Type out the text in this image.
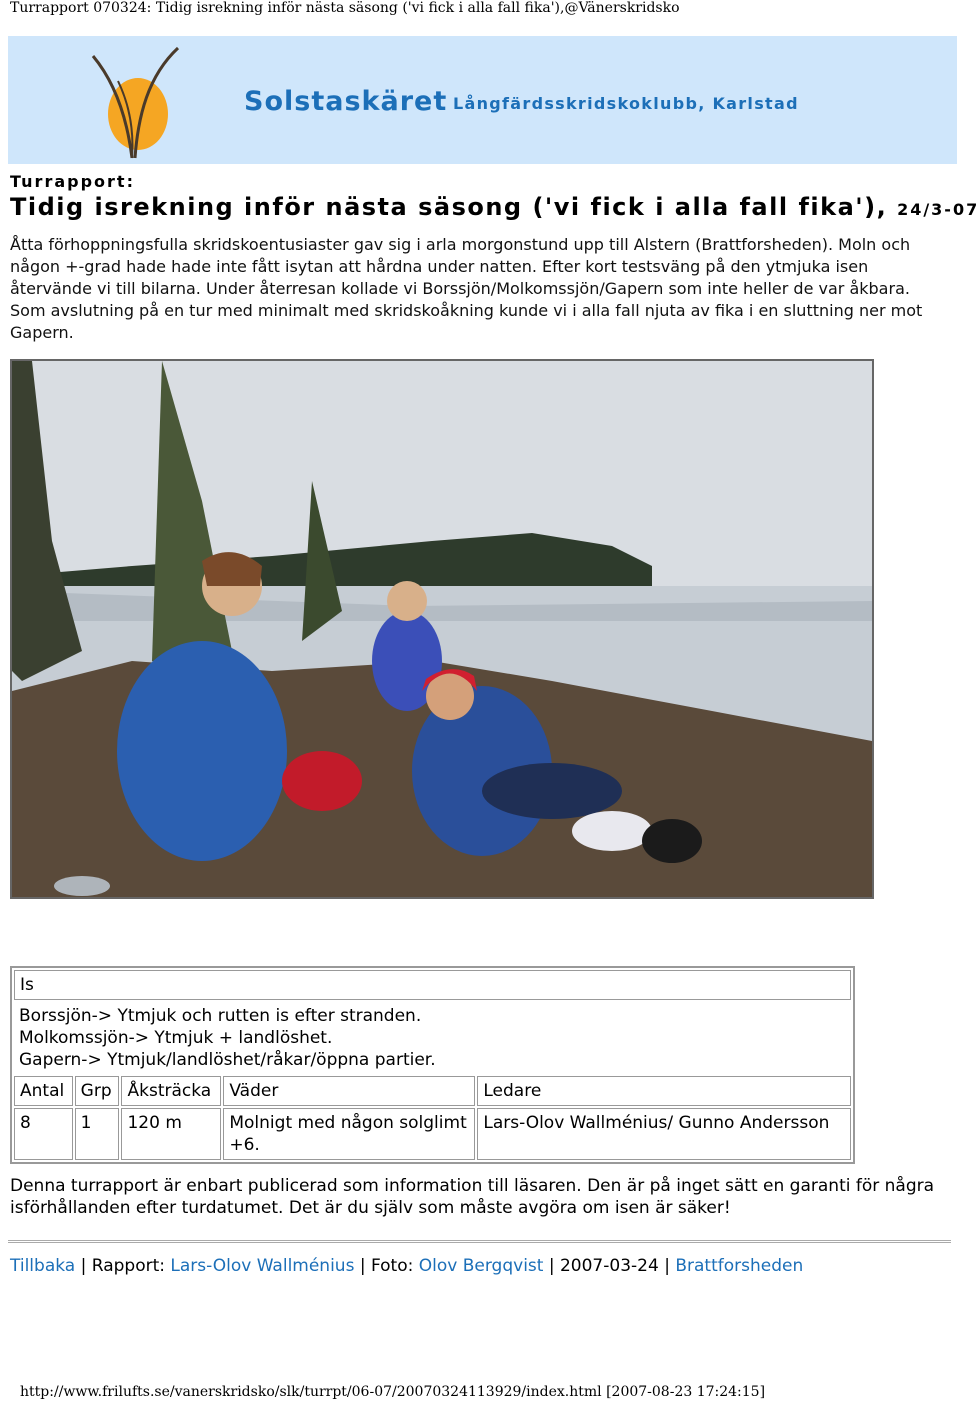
Turrapport 070324: Tidig isrekning inför nästa säsong ('vi fick i alla fall fika'),@Vänerskridsko
Solstaskäret Långfärdsskridskoklubb, Karlstad
Turrapport:
Tidig isrekning inför nästa säsong ('vi fick i alla fall fika'), 24/3-07
Åtta förhoppningsfulla skridskoentusiaster gav sig i arla morgonstund upp till Alstern (Brattforsheden). Moln och någon +-grad hade hade inte fått isytan att hårdna under natten. Efter kort testsväng på den ytmjuka isen återvände vi till bilarna. Under återresan kollade vi Borssjön/Molkomssjön/Gapern som inte heller de var åkbara. Som avslutning på en tur med minimalt med skridskoåkning kunde vi i alla fall njuta av fika i en sluttning ner mot Gapern.
Is				

Borssjön-> Ytmjuk och rutten is efter stranden.
Molkomssjön-> Ytmjuk + landlöshet.
Gapern-> Ytmjuk/landlöshet/råkar/öppna partier.				

Antal	Grp	Åksträcka	Väder	Ledare
8	1	120 m	Molnigt med någon solglimt +6.	Lars-Olov Wallménius/ Gunno Andersson
Denna turrapport är enbart publicerad som information till läsaren. Den är på inget sätt en garanti för några isförhållanden efter turdatumet. Det är du själv som måste avgöra om isen är säker!
Tillbaka | Rapport: Lars-Olov Wallménius | Foto: Olov Bergqvist | 2007-03-24 | Brattforsheden
http://www.frilufts.se/vanerskridsko/slk/turrpt/06-07/20070324113929/index.html [2007-08-23 17:24:15]
